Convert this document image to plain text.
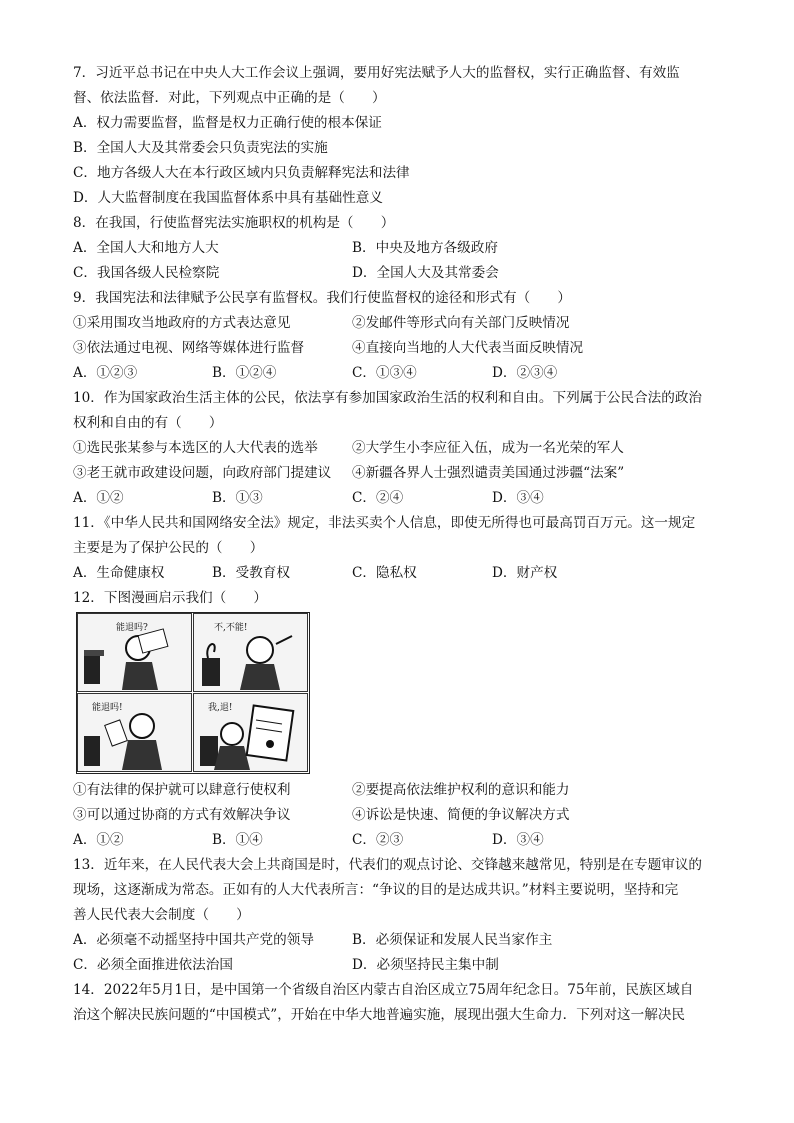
7．习近平总书记在中央人大工作会议上强调，要用好宪法赋予人大的监督权，实行正确监督、有效监
督、依法监督．对此，下列观点中正确的是（　　）
A．权力需要监督，监督是权力正确行使的根本保证
B．全国人大及其常委会只负责宪法的实施
C．地方各级人大在本行政区域内只负责解释宪法和法律
D．人大监督制度在我国监督体系中具有基础性意义
8．在我国，行使监督宪法实施职权的机构是（　　）
A．全国人大和地方人大	B．中央及地方各级政府
C．我国各级人民检察院	D．全国人大及其常委会
9．我国宪法和法律赋予公民享有监督权。我们行使监督权的途径和形式有（　　）
①采用围攻当地政府的方式表达意见	②发邮件等形式向有关部门反映情况
③依法通过电视、网络等媒体进行监督	④直接向当地的人大代表当面反映情况
A．①②③	B．①②④	C．①③④	D．②③④
10．作为国家政治生活主体的公民，依法享有参加国家政治生活的权利和自由。下列属于公民合法的政治
权利和自由的有（　　）
①选民张某参与本选区的人大代表的选举	②大学生小李应征入伍，成为一名光荣的军人
③老王就市政建设问题，向政府部门提建议 ④新疆各界人士强烈谴责美国通过涉疆“法案”
A．①②	B．①③	C．②④	D．③④
11．《中华人民共和国网络安全法》规定，非法买卖个人信息，即使无所得也可最高罚百万元。这一规定
主要是为了保护公民的（　　）
A．生命健康权	B．受教育权	C．隐私权	D．财产权
12．下图漫画启示我们（　　）
能退吗?	不,不能!
能退吗!	我,退!
①有法律的保护就可以肆意行使权利	②要提高依法维护权利的意识和能力
③可以通过协商的方式有效解决争议	④诉讼是快速、简便的争议解决方式
A．①②	B．①④	C．②③	D．③④
13．近年来，在人民代表大会上共商国是时，代表们的观点讨论、交锋越来越常见，特别是在专题审议的
现场，这逐渐成为常态。正如有的人大代表所言：“争议的目的是达成共识。”材料主要说明，坚持和完
善人民代表大会制度（　　）
A．必须毫不动摇坚持中国共产党的领导	B．必须保证和发展人民当家作主
C．必须全面推进依法治国	D．必须坚持民主集中制
14．2022年5月1日，是中国第一个省级自治区内蒙古自治区成立75周年纪念日。75年前，民族区域自
治这个解决民族问题的“中国模式”，开始在中华大地普遍实施，展现出强大生命力．下列对这一解决民
